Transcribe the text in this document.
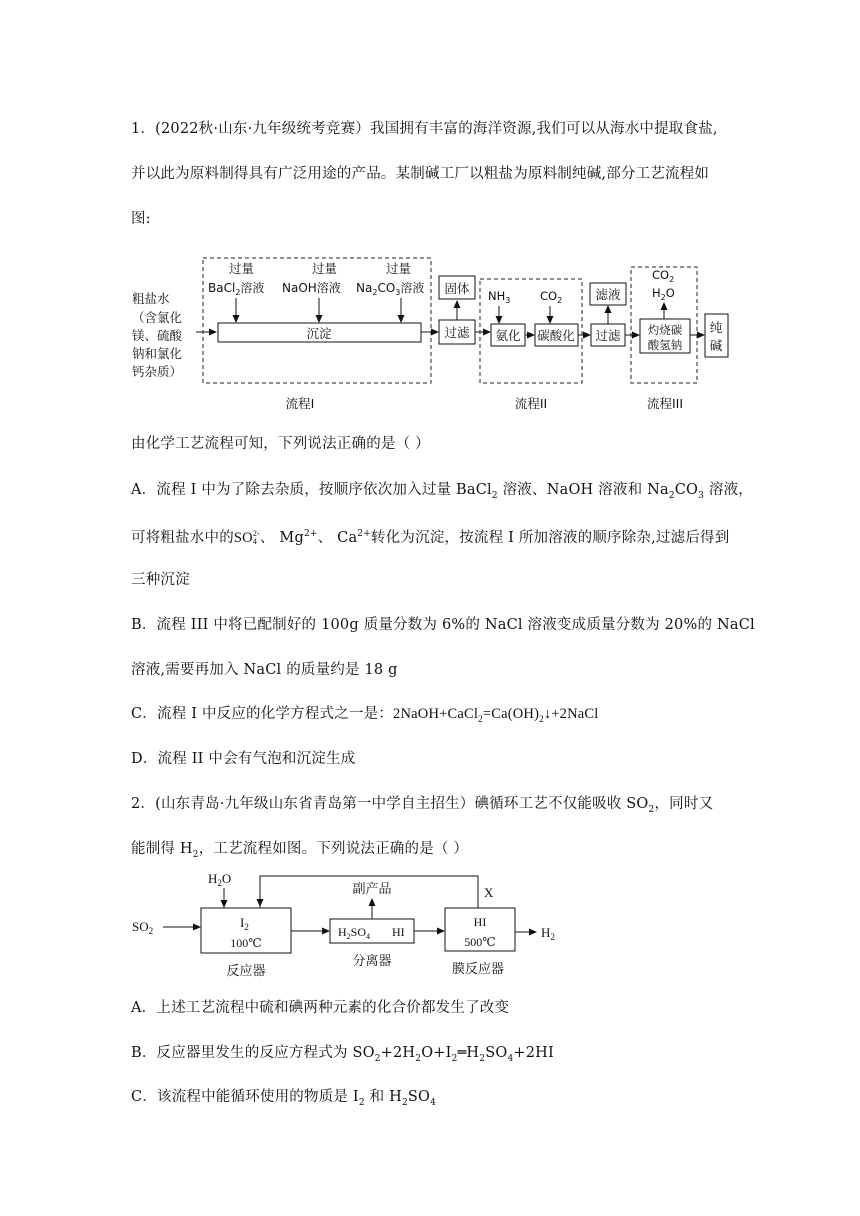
1．(2022秋·山东·九年级统考竞赛）我国拥有丰富的海洋资源,我们可以从海水中提取食盐,
并以此为原料制得具有广泛用途的产品。某制碱工厂以粗盐为原料制纯碱,部分工艺流程如
图:
粗盐水
（含氯化
镁、硫酸
钠和氯化
钙杂质）
过量
BaCl$_2$溶液
过量
NaOH溶液
过量
$Na_2CO_3$溶液
沉淀	过滤
固体 $NH_3$	$CO_2$
氨化 碳酸化 过滤
滤液
$CO_2$
$H_2O$
灼烧碳
酸氢钠
纯
碱
流程I	流程II	流程III
由化学工艺流程可知，下列说法正确的是（ ）
A．流程 I 中为了除去杂质，按顺序依次加入过量 BaCl$_2$ 溶液、NaOH 溶液和 $Na_2CO_3$ 溶液，
可将粗盐水中的SO 2-
4 、 $Mg^{2+}$、 $Ca^{2+}$转化为沉淀，按流程 I 所加溶液的顺序除杂,过滤后得到
三种沉淀
B．流程 III 中将已配制好的 100g 质量分数为 6%的 NaCl 溶液变成质量分数为 20%的 NaCl
溶液,需要再加入 NaCl 的质量约是 18 g
C．流程 I 中反应的化学方程式之一是：$2NaOH+CaCl_2=Ca(OH)_2↓+2NaCl$
D．流程 II 中会有气泡和沉淀生成
2．(山东青岛·九年级山东省青岛第一中学自主招生）碘循环工艺不仅能吸收 $SO_2$，同时又
能制得 $H_2$，工艺流程如图。下列说法正确的是（ ）
$H_2O$
$SO_2$
$I_2$
100℃
反应器
X
$H_2SO_4$ HI
副产品
分离器
HI
500℃
膜反应器
$H_2$
A．上述工艺流程中硫和碘两种元素的化合价都发生了改变
B．反应器里发生的反应方程式为 $SO_2+2H_2O+I_2═H_2SO_4+2HI$
C．该流程中能循环使用的物质是 $I_2$ 和 $H_2SO_4$
